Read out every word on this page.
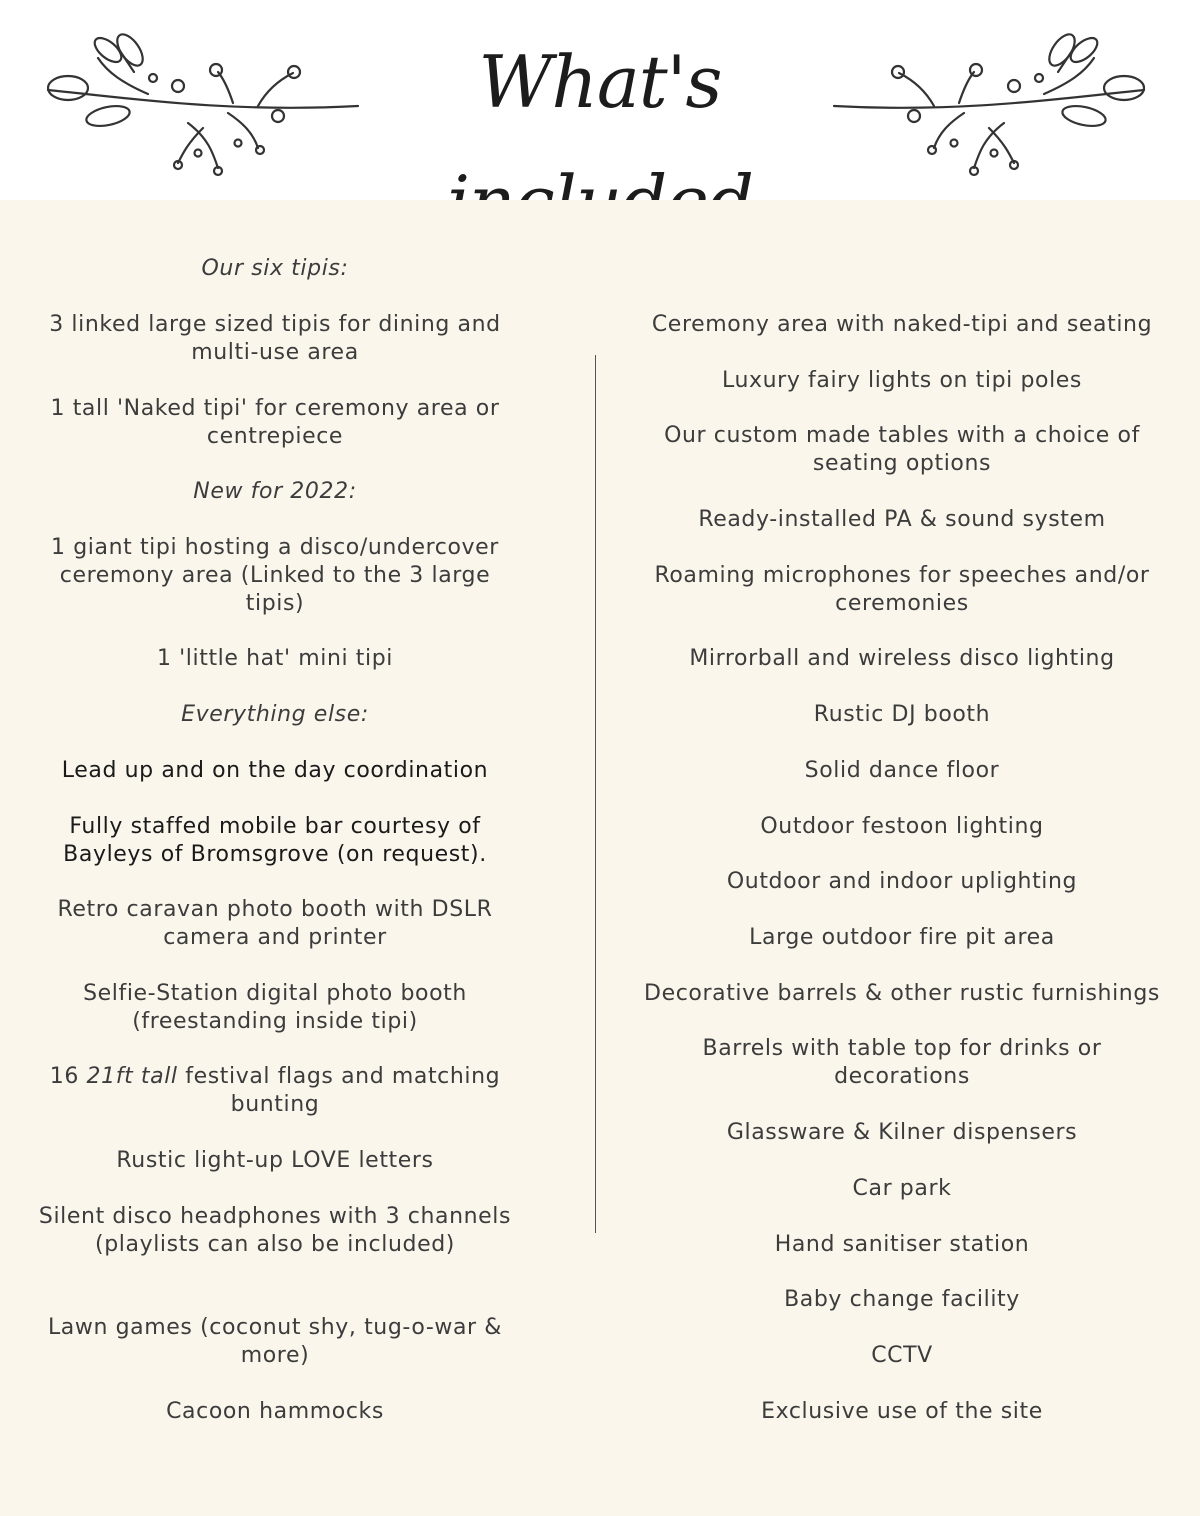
What's
Our six tipis:
3 linked large sized tipis for dining and multi-use area
1 tall 'Naked tipi' for ceremony area or centrepiece
New for 2022:
1 giant tipi hosting a disco/undercover ceremony area (Linked to the 3 large tipis)
1 'little hat' mini tipi
Everything else:
Lead up and on the day coordination
Fully staffed mobile bar courtesy of Bayleys of Bromsgrove (on request).
Retro caravan photo booth with DSLR camera and printer
Selfie-Station digital photo booth (freestanding inside tipi)
16 21ft tall festival flags and matching bunting
Rustic light-up LOVE letters
Silent disco headphones with 3 channels (playlists can also be included)
Lawn games (coconut shy, tug-o-war & more)
Cacoon hammocks
Ceremony area with naked-tipi and seating
Luxury fairy lights on tipi poles
Our custom made tables with a choice of seating options
Ready-installed PA & sound system
Roaming microphones for speeches and/or ceremonies
Mirrorball and wireless disco lighting
Rustic DJ booth
Solid dance floor
Outdoor festoon lighting
Outdoor and indoor uplighting
Large outdoor fire pit area
Decorative barrels & other rustic furnishings
Barrels with table top for drinks or decorations
Glassware & Kilner dispensers
Car park
Hand sanitiser station
Baby change facility
CCTV
Exclusive use of the site
